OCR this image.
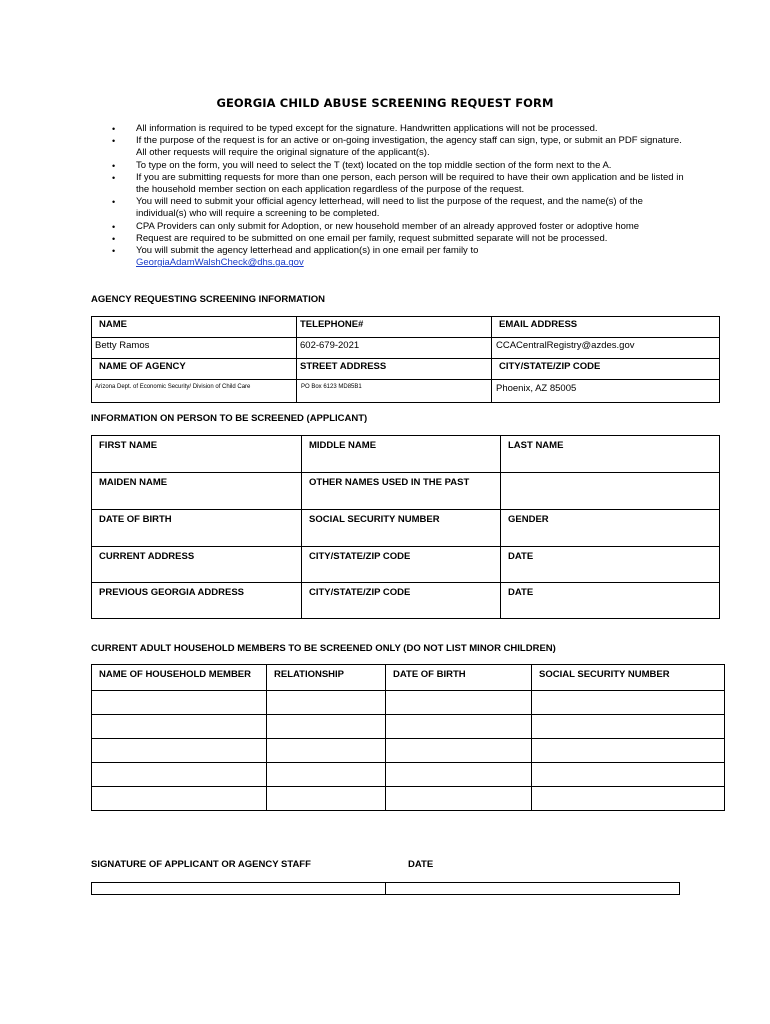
GEORGIA CHILD ABUSE SCREENING REQUEST FORM
• All information is required to be typed except for the signature. Handwritten applications will not be processed.
• If the purpose of the request is for an active or on-going investigation, the agency staff can sign, type, or submit an PDF signature. All other requests will require the original signature of the applicant(s).
• To type on the form, you will need to select the T (text) located on the top middle section of the form next to the A.
• If you are submitting requests for more than one person, each person will be required to have their own application and be listed in the household member section on each application regardless of the purpose of the request.
• You will need to submit your official agency letterhead, will need to list the purpose of the request, and the name(s) of the individual(s) who will require a screening to be completed.
• CPA Providers can only submit for Adoption, or new household member of an already approved foster or adoptive home
• Request are required to be submitted on one email per family, request submitted separate will not be processed.
• You will submit the agency letterhead and application(s) in one email per family to
GeorgiaAdamWalshCheck@dhs.ga.gov
AGENCY REQUESTING SCREENING INFORMATION
NAME	TELEPHONE#	EMAIL ADDRESS
Betty Ramos	602-679-2021	CCACentralRegistry@azdes.gov
NAME OF AGENCY	STREET ADDRESS	CITY/STATE/ZIP CODE
Arizona Dept. of Economic Security/ Division of Child Care	PO Box 6123 MD85B1	Phoenix, AZ 85005
INFORMATION ON PERSON TO BE SCREENED (APPLICANT)
FIRST NAME	MIDDLE NAME	LAST NAME
MAIDEN NAME	OTHER NAMES USED IN THE PAST	
DATE OF BIRTH	SOCIAL SECURITY NUMBER	GENDER
CURRENT ADDRESS	CITY/STATE/ZIP CODE	DATE
PREVIOUS GEORGIA ADDRESS	CITY/STATE/ZIP CODE	DATE
CURRENT ADULT HOUSEHOLD MEMBERS TO BE SCREENED ONLY (DO NOT LIST MINOR CHILDREN)
NAME OF HOUSEHOLD MEMBER	RELATIONSHIP	DATE OF BIRTH	SOCIAL SECURITY NUMBER

SIGNATURE OF APPLICANT OR AGENCY STAFF	DATE
